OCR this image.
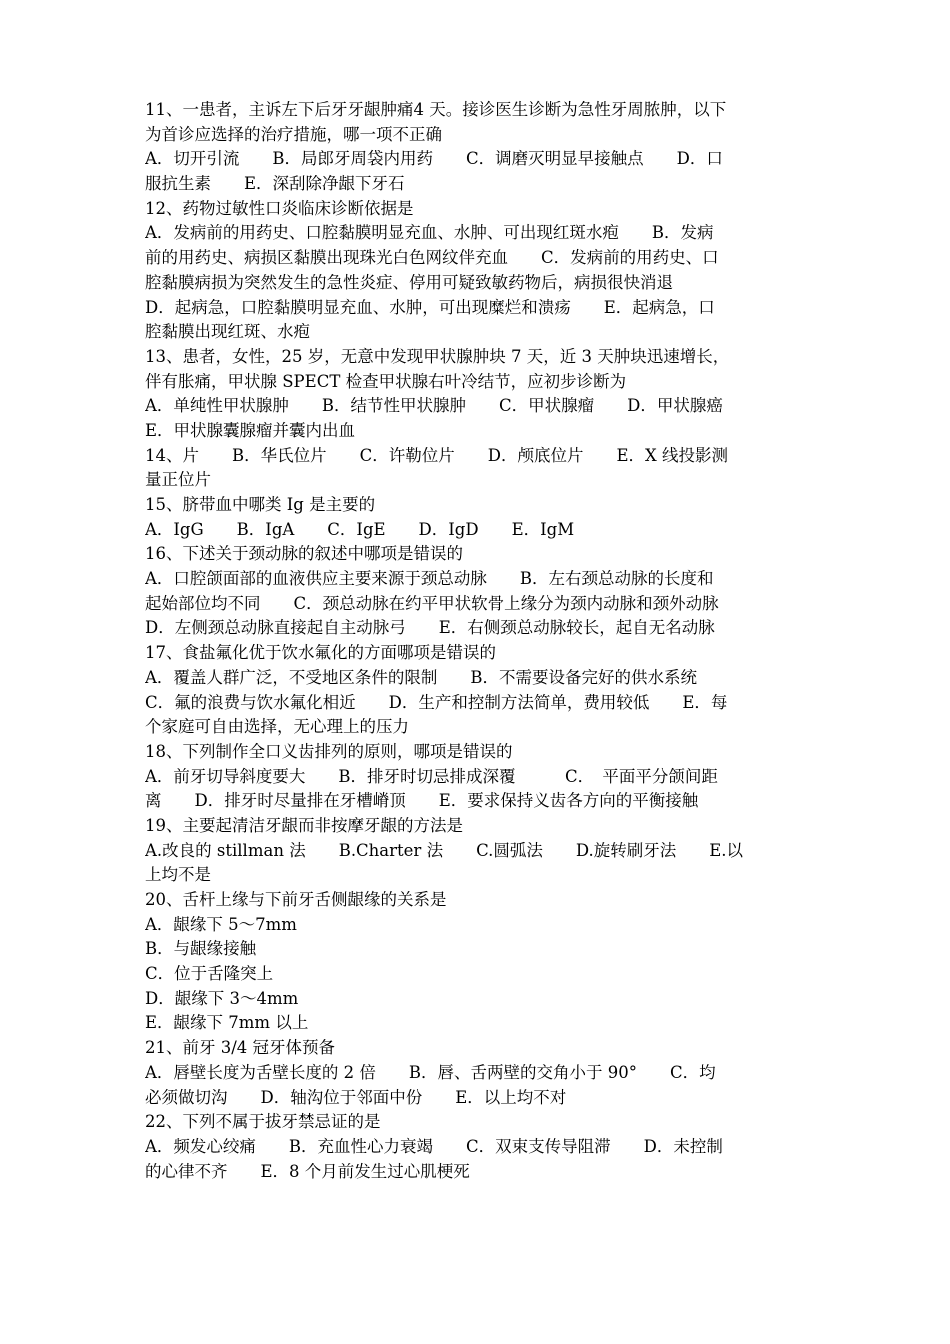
11、一患者，主诉左下后牙牙龈肿痛4 天。接诊医生诊断为急性牙周脓肿，以下
为首诊应选择的治疗措施，哪一项不正确
A．切开引流　　B．局郎牙周袋内用药　　C．调磨灭明显早接触点　　D．口
服抗生素　　E．深刮除净龈下牙石
12、药物过敏性口炎临床诊断依据是
A．发病前的用药史、口腔黏膜明显充血、水肿、可出现红斑水疱　　B．发病
前的用药史、病损区黏膜出现珠光白色网纹伴充血　　C．发病前的用药史、口
腔黏膜病损为突然发生的急性炎症、停用可疑致敏药物后，病损很快消退
D．起病急，口腔黏膜明显充血、水肿，可出现糜烂和溃疡　　E．起病急，口
腔黏膜出现红斑、水疱
13、患者，女性，25 岁，无意中发现甲状腺肿块 7 天，近 3 天肿块迅速增长，
伴有胀痛，甲状腺 SPECT 检查甲状腺右叶冷结节，应初步诊断为
A．单纯性甲状腺肿　　B．结节性甲状腺肿　　C．甲状腺瘤　　D．甲状腺癌
E．甲状腺囊腺瘤并囊内出血
14、片　　B．华氏位片　　C．许勒位片　　D．颅底位片　　E．X 线投影测
量正位片
15、脐带血中哪类 Ig 是主要的
A．IgG　　B．IgA　　C．IgE　　D．IgD　　E．IgM
16、下述关于颈动脉的叙述中哪项是错误的
A．口腔颌面部的血液供应主要来源于颈总动脉　　B．左右颈总动脉的长度和
起始部位均不同　　C．颈总动脉在约平甲状软骨上缘分为颈内动脉和颈外动脉
D．左侧颈总动脉直接起自主动脉弓　　E．右侧颈总动脉较长，起自无名动脉
17、食盐氟化优于饮水氟化的方面哪项是错误的
A．覆盖人群广泛，不受地区条件的限制　　B．不需要设备完好的供水系统
C．氟的浪费与饮水氟化相近　　D．生产和控制方法简单，费用较低　　E．每
个家庭可自由选择，无心理上的压力
18、下列制作全口义齿排列的原则，哪项是错误的
A．前牙切导斜度要大　　B．排牙时切忌排成深覆　　　C．　平面平分颌间距
离　　D．排牙时尽量排在牙槽嵴顶　　E．要求保持义齿各方向的平衡接触
19、主要起清洁牙龈而非按摩牙龈的方法是
A.改良的 stillman 法　　B.Charter 法　　C.圆弧法　　D.旋转刷牙法　　E.以
上均不是
20、舌杆上缘与下前牙舌侧龈缘的关系是
A．龈缘下 5～7mm
B．与龈缘接触
C．位于舌隆突上
D．龈缘下 3～4mm
E．龈缘下 7mm 以上
21、前牙 3/4 冠牙体预备
A．唇壁长度为舌壁长度的 2 倍　　B．唇、舌两壁的交角小于 90°　　C．均
必须做切沟　　D．轴沟位于邻面中份　　E．以上均不对
22、下列不属于拔牙禁忌证的是
A．频发心绞痛　　B．充血性心力衰竭　　C．双束支传导阻滞　　D．未控制
的心律不齐　　E．8 个月前发生过心肌梗死
